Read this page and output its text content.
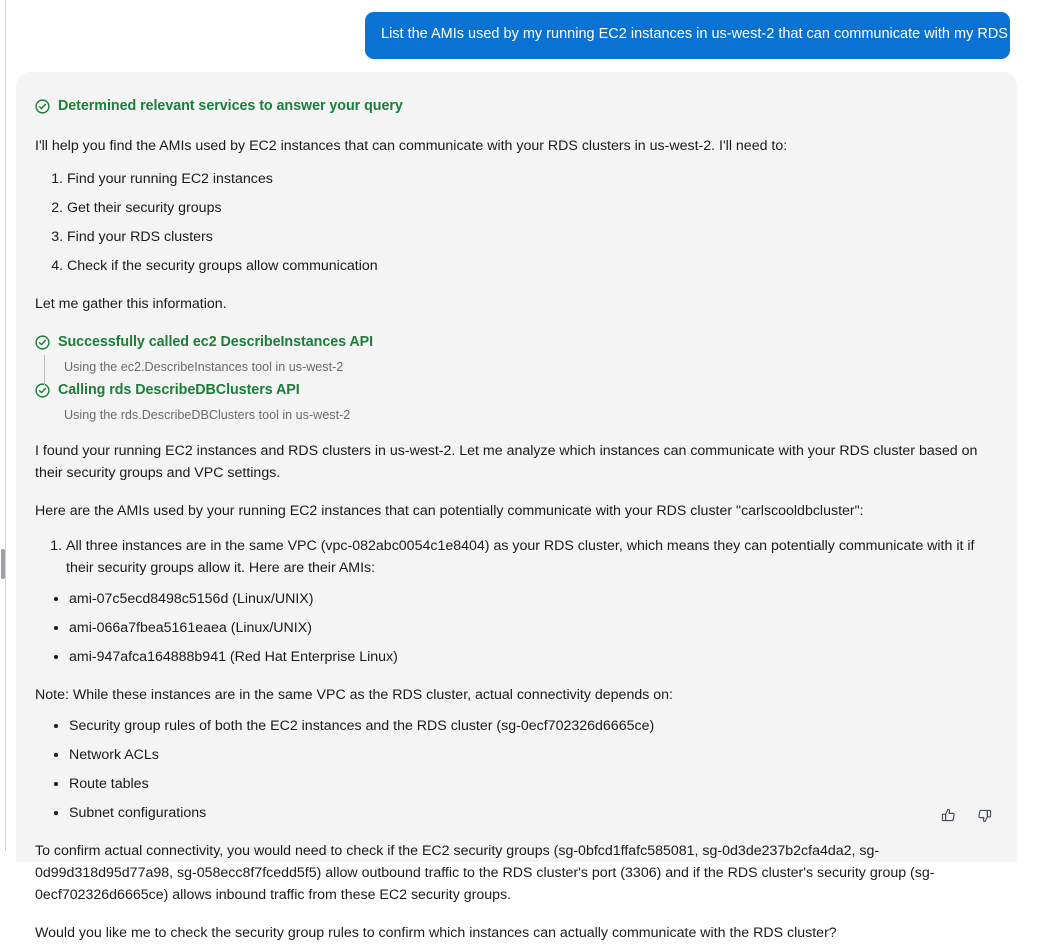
List the AMIs used by my running EC2 instances in us-west-2 that can communicate with my RDS cluster
Determined relevant services to answer your query

I'll help you find the AMIs used by EC2 instances that can communicate with your RDS clusters in us-west-2. I'll need to:

1. Find your running EC2 instances
2. Get their security groups
3. Find your RDS clusters
4. Check if the security groups allow communication

Let me gather this information.

Successfully called ec2 DescribeInstances API
Using the ec2.DescribeInstances tool in us-west-2
Calling rds DescribeDBClusters API
Using the rds.DescribeDBClusters tool in us-west-2

I found your running EC2 instances and RDS clusters in us-west-2. Let me analyze which instances can communicate with your RDS cluster based on their security groups and VPC settings.

Here are the AMIs used by your running EC2 instances that can potentially communicate with your RDS cluster "carlscooldbcluster":

1. All three instances are in the same VPC (vpc-082abc0054c1e8404) as your RDS cluster, which means they can potentially communicate with it if their security groups allow it. Here are their AMIs:
• ami-07c5ecd8498c5156d (Linux/UNIX)
• ami-066a7fbea5161eaea (Linux/UNIX)
• ami-947afca164888b941 (Red Hat Enterprise Linux)

Note: While these instances are in the same VPC as the RDS cluster, actual connectivity depends on:

• Security group rules of both the EC2 instances and the RDS cluster (sg-0ecf702326d6665ce)
• Network ACLs
• Route tables
• Subnet configurations

To confirm actual connectivity, you would need to check if the EC2 security groups (sg-0bfcd1ffafc585081, sg-0d3de237b2cfa4da2, sg-0d99d318d95d77a98, sg-058ecc8f7fcedd5f5) allow outbound traffic to the RDS cluster's port (3306) and if the RDS cluster's security group (sg-0ecf702326d6665ce) allows inbound traffic from these EC2 security groups.

Would you like me to check the security group rules to confirm which instances can actually communicate with the RDS cluster?
